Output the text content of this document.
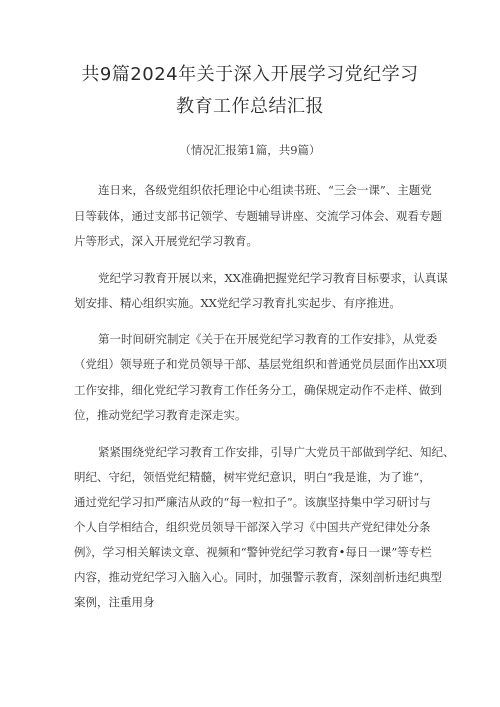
共9篇2024年关于深入开展学习党纪学习
教育工作总结汇报
（情况汇报第1篇，共9篇）
连日来，各级党组织依托理论中心组读书班、“三会一课”、主题党
日等载体，通过支部书记领学、专题辅导讲座、交流学习体会、观看专题
片等形式，深入开展党纪学习教育。
党纪学习教育开展以来，XX准确把握党纪学习教育目标要求，认真谋
划安排、精心组织实施。XX党纪学习教育扎实起步、有序推进。
第一时间研究制定《关于在开展党纪学习教育的工作安排》，从党委
（党组）领导班子和党员领导干部、基层党组织和普通党员层面作出XX项
工作安排，细化党纪学习教育工作任务分工，确保规定动作不走样、做到
位，推动党纪学习教育走深走实。
紧紧围绕党纪学习教育工作安排，引导广大党员干部做到学纪、知纪、
明纪、守纪，领悟党纪精髓，树牢党纪意识，明白“我是谁，为了谁“，
通过党纪学习扣严廉洁从政的“每一粒扣子”。该旗坚持集中学习研讨与
个人自学相结合，组织党员领导干部深入学习《中国共产党纪律处分条
例》，学习相关解读文章、视频和“警钟党纪学习教育•每日一课”等专栏
内容，推动党纪学习入脑入心。同时，加强警示教育，深刻剖析违纪典型
案例，注重用身
